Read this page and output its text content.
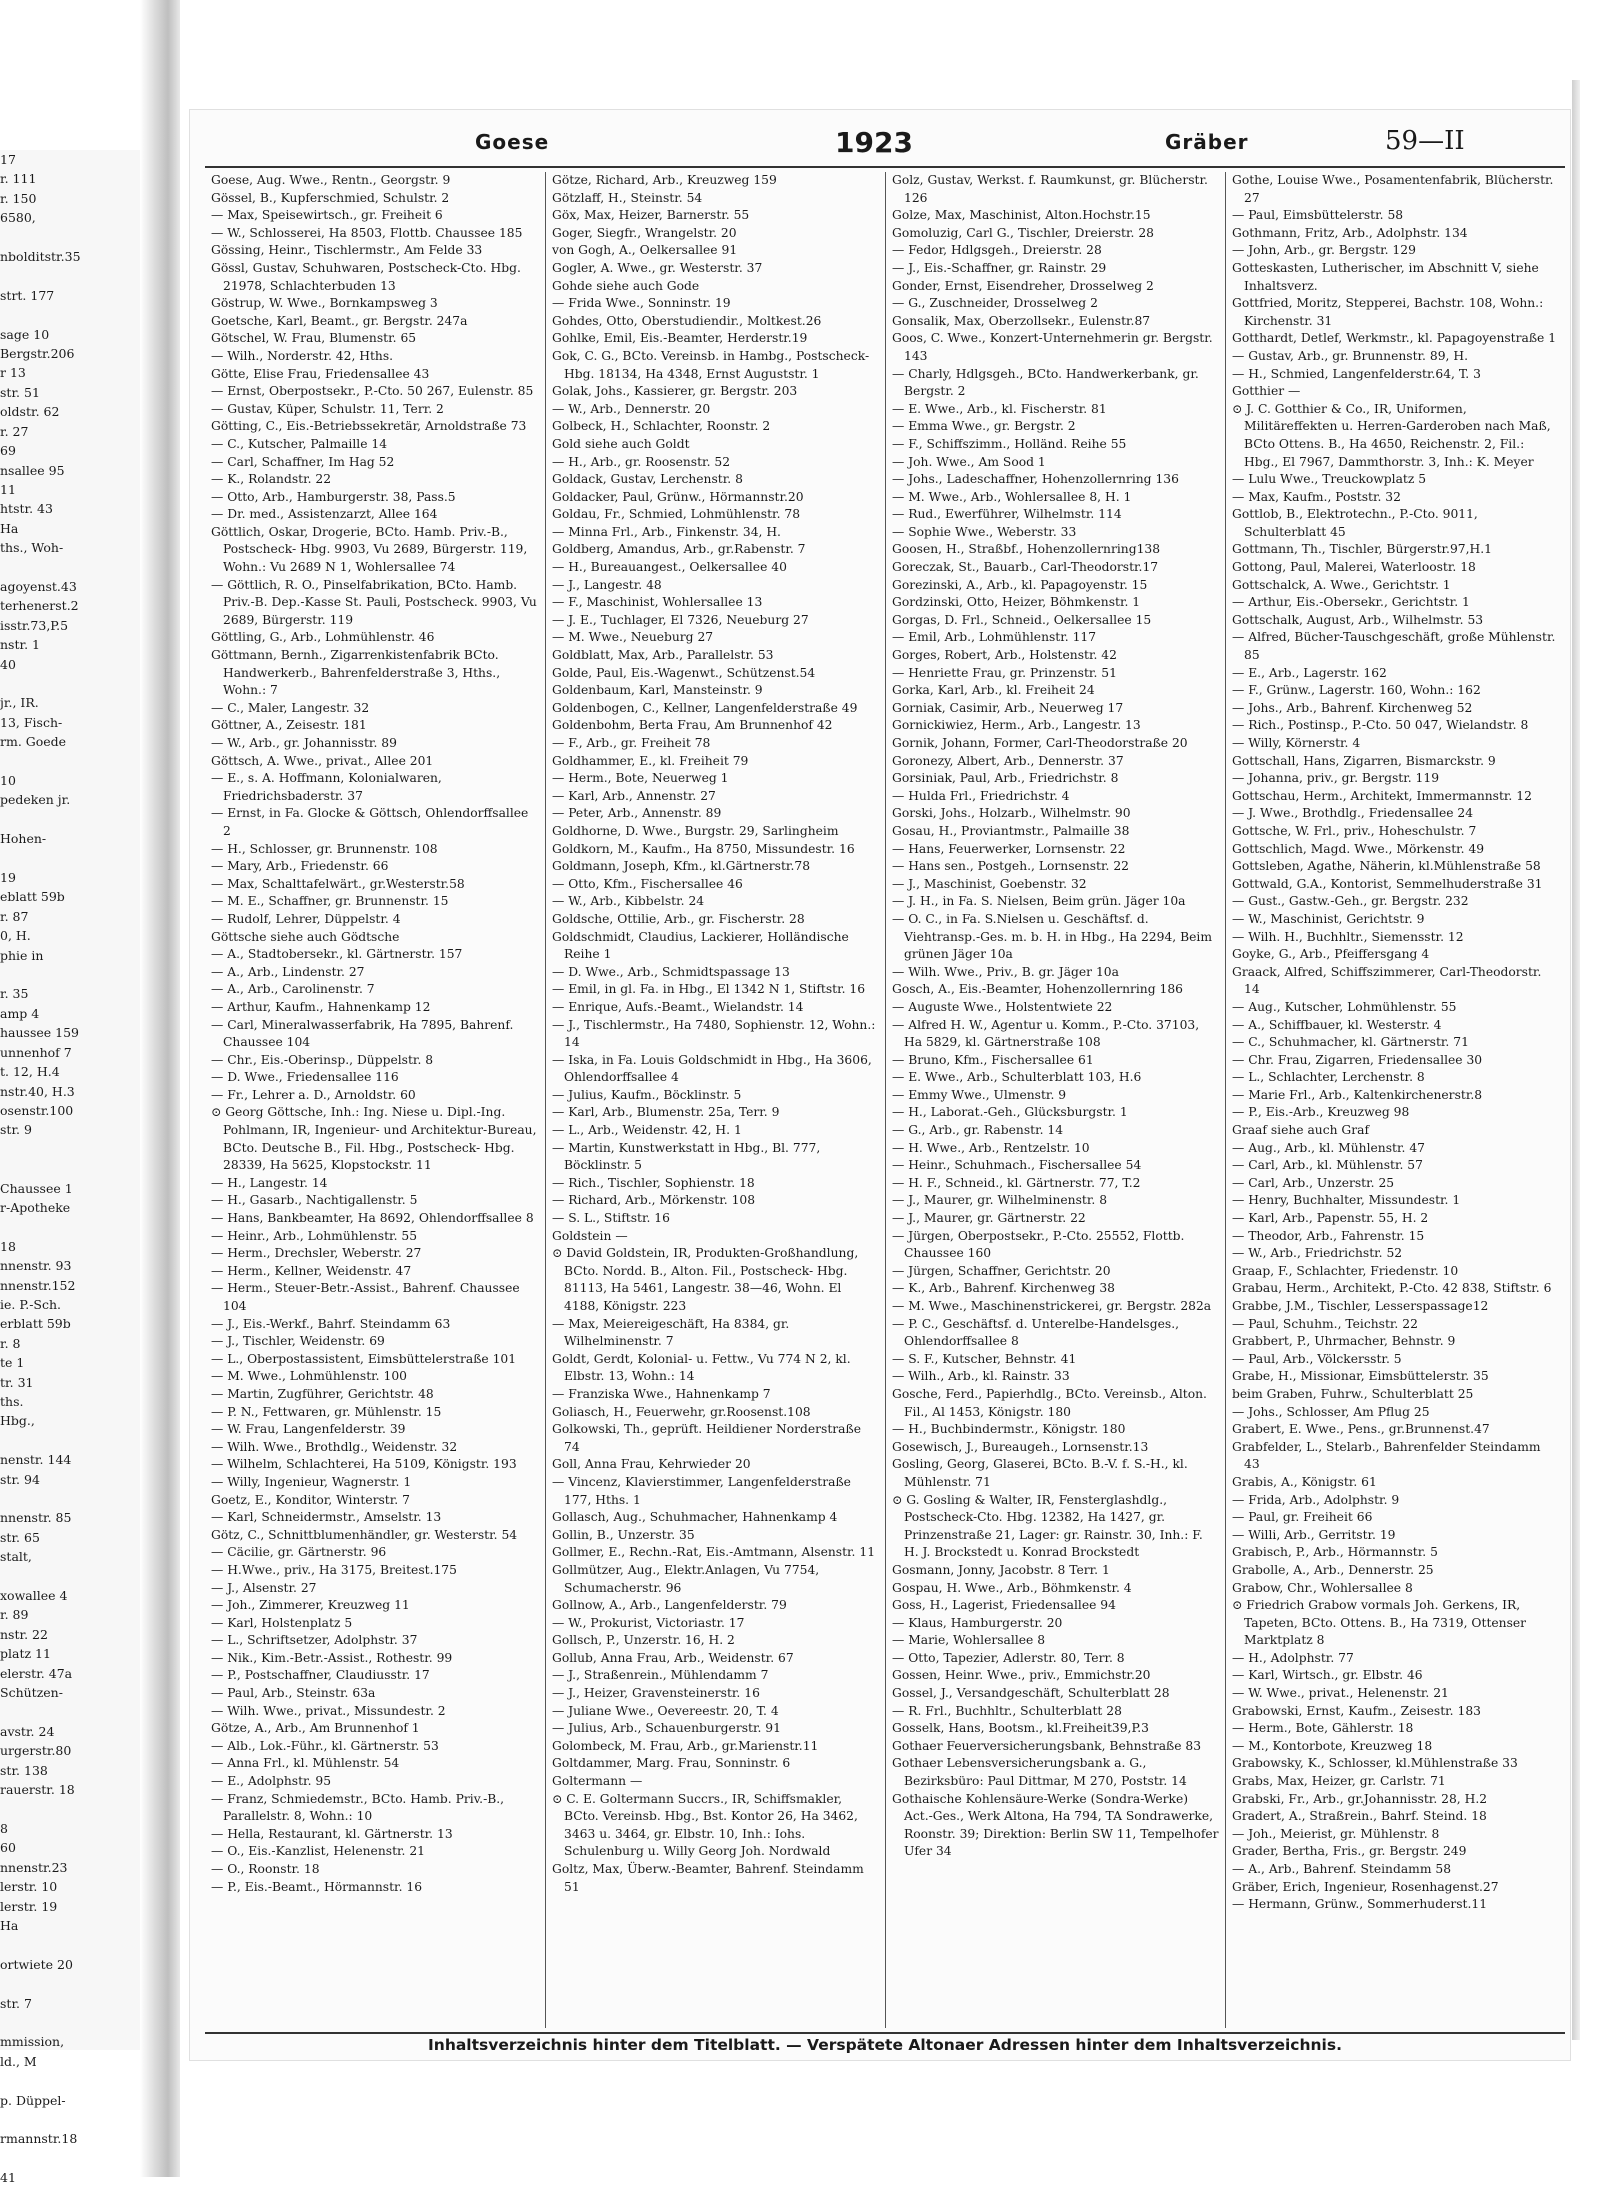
17
r. 111
r. 150
6580,

nbolditstr.35

strt. 177

sage 10
Bergstr.206
r 13
str. 51
oldstr. 62
r. 27
69
nsallee 95
11
htstr. 43
Ha
ths., Woh-

agoyenst.43
terhenerst.2
isstr.73,P.5
nstr. 1
40

jr., IR.
13, Fisch-
rm. Goede

10
pedeken jr.

Hohen-

19
eblatt 59b
r. 87
0, H.
phie in

r. 35
amp 4
haussee 159
unnenhof 7
t. 12, H.4
nstr.40, H.3
osenstr.100
str. 9

Chaussee 1
r-Apotheke

18
nnenstr. 93
nnenstr.152
ie. P.-Sch.
erblatt 59b
r. 8
te 1
tr. 31
ths.
Hbg.,

nenstr. 144
str. 94

nnenstr. 85
str. 65
stalt,

xowallee 4
r. 89
nstr. 22
platz 11
elerstr. 47a
Schützen-

avstr. 24
urgerstr.80
str. 138
rauerstr. 18

8
60
nnenstr.23
lerstr. 10
lerstr. 19
Ha

ortwiete 20

str. 7

mmission,
ld., M

p. Düppel-

rmannstr.18

41
Goese	1923	Gräber	59—II

Goese, Aug. Wwe., Rentn., Georgstr. 9

Gössel, B., Kupferschmied, Schulstr. 2

— Max, Speisewirtsch., gr. Freiheit 6

— W., Schlosserei, Ha 8503, Flottb. Chaussee 185

Gössing, Heinr., Tischlermstr., Am Felde 33

Gössl, Gustav, Schuhwaren, Postscheck-Cto. Hbg. 21978, Schlachterbuden 13

Göstrup, W. Wwe., Bornkampsweg 3

Goetsche, Karl, Beamt., gr. Bergstr. 247a

Götschel, W. Frau, Blumenstr. 65

— Wilh., Norderstr. 42, Hths.

Götte, Elise Frau, Friedensallee 43

— Ernst, Oberpostsekr., P.-Cto. 50 267, Eulenstr. 85

— Gustav, Küper, Schulstr. 11, Terr. 2

Götting, C., Eis.-Betriebssekretär, Arnoldstraße 73

— C., Kutscher, Palmaille 14

— Carl, Schaffner, Im Hag 52

— K., Rolandstr. 22

— Otto, Arb., Hamburgerstr. 38, Pass.5

— Dr. med., Assistenzarzt, Allee 164

Göttlich, Oskar, Drogerie, BCto. Hamb. Priv.-B., Postscheck- Hbg. 9903, Vu 2689, Bürgerstr. 119, Wohn.: Vu 2689 N 1, Wohlersallee 74

— Göttlich, R. O., Pinselfabrikation, BCto. Hamb. Priv.-B. Dep.-Kasse St. Pauli, Postscheck. 9903, Vu 2689, Bürgerstr. 119

Göttling, G., Arb., Lohmühlenstr. 46

Göttmann, Bernh., Zigarrenkistenfabrik BCto. Handwerkerb., Bahrenfelderstraße 3, Hths., Wohn.: 7

— C., Maler, Langestr. 32

Göttner, A., Zeisestr. 181

— W., Arb., gr. Johannisstr. 89

Göttsch, A. Wwe., privat., Allee 201

— E., s. A. Hoffmann, Kolonialwaren, Friedrichsbaderstr. 37

— Ernst, in Fa. Glocke & Göttsch, Ohlendorffsallee 2

— H., Schlosser, gr. Brunnenstr. 108

— Mary, Arb., Friedenstr. 66

— Max, Schalttafelwärt., gr.Westerstr.58

— M. E., Schaffner, gr. Brunnenstr. 15

— Rudolf, Lehrer, Düppelstr. 4

Göttsche siehe auch Gödtsche

— A., Stadtobersekr., kl. Gärtnerstr. 157

— A., Arb., Lindenstr. 27

— A., Arb., Carolinenstr. 7

— Arthur, Kaufm., Hahnenkamp 12

— Carl, Mineralwasserfabrik, Ha 7895, Bahrenf. Chaussee 104

— Chr., Eis.-Oberinsp., Düppelstr. 8

— D. Wwe., Friedensallee 116

— Fr., Lehrer a. D., Arnoldstr. 60

⊙ Georg Göttsche, Inh.: Ing. Niese u. Dipl.-Ing. Pohlmann, IR, Ingenieur- und Architektur-Bureau, BCto. Deutsche B., Fil. Hbg., Postscheck- Hbg. 28339, Ha 5625, Klopstockstr. 11

— H., Langestr. 14

— H., Gasarb., Nachtigallenstr. 5

— Hans, Bankbeamter, Ha 8692, Ohlendorffsallee 8

— Heinr., Arb., Lohmühlenstr. 55

— Herm., Drechsler, Weberstr. 27

— Herm., Kellner, Weidenstr. 47

— Herm., Steuer-Betr.-Assist., Bahrenf. Chaussee 104

— J., Eis.-Werkf., Bahrf. Steindamm 63

— J., Tischler, Weidenstr. 69

— L., Oberpostassistent, Eimsbüttelerstraße 101

— M. Wwe., Lohmühlenstr. 100

— Martin, Zugführer, Gerichtstr. 48

— P. N., Fettwaren, gr. Mühlenstr. 15

— W. Frau, Langenfelderstr. 39

— Wilh. Wwe., Brothdlg., Weidenstr. 32

— Wilhelm, Schlachterei, Ha 5109, Königstr. 193

— Willy, Ingenieur, Wagnerstr. 1

Goetz, E., Konditor, Winterstr. 7

— Karl, Schneidermstr., Amselstr. 13

Götz, C., Schnittblumenhändler, gr. Westerstr. 54

— Cäcilie, gr. Gärtnerstr. 96

— H.Wwe., priv., Ha 3175, Breitest.175

— J., Alsenstr. 27

— Joh., Zimmerer, Kreuzweg 11

— Karl, Holstenplatz 5

— L., Schriftsetzer, Adolphstr. 37

— Nik., Kim.-Betr.-Assist., Rothestr. 99

— P., Postschaffner, Claudiusstr. 17

— Paul, Arb., Steinstr. 63a

— Wilh. Wwe., privat., Missundestr. 2

Götze, A., Arb., Am Brunnenhof 1

— Alb., Lok.-Führ., kl. Gärtnerstr. 53

— Anna Frl., kl. Mühlenstr. 54

— E., Adolphstr. 95

— Franz, Schmiedemstr., BCto. Hamb. Priv.-B., Parallelstr. 8, Wohn.: 10

— Hella, Restaurant, kl. Gärtnerstr. 13

— O., Eis.-Kanzlist, Helenenstr. 21

— O., Roonstr. 18

— P., Eis.-Beamt., Hörmannstr. 16

Götze, Richard, Arb., Kreuzweg 159

Götzlaff, H., Steinstr. 54

Göx, Max, Heizer, Barnerstr. 55

Goger, Siegfr., Wrangelstr. 20

von Gogh, A., Oelkersallee 91

Gogler, A. Wwe., gr. Westerstr. 37

Gohde siehe auch Gode

— Frida Wwe., Sonninstr. 19

Gohdes, Otto, Oberstudiendir., Moltkest.26

Gohlke, Emil, Eis.-Beamter, Herderstr.19

Gok, C. G., BCto. Vereinsb. in Hambg., Postscheck- Hbg. 18134, Ha 4348, Ernst Auguststr. 1

Golak, Johs., Kassierer, gr. Bergstr. 203

— W., Arb., Dennerstr. 20

Golbeck, H., Schlachter, Roonstr. 2

Gold siehe auch Goldt

— H., Arb., gr. Roosenstr. 52

Goldack, Gustav, Lerchenstr. 8

Goldacker, Paul, Grünw., Hörmannstr.20

Goldau, Fr., Schmied, Lohmühlenstr. 78

— Minna Frl., Arb., Finkenstr. 34, H.

Goldberg, Amandus, Arb., gr.Rabenstr. 7

— H., Bureauangest., Oelkersallee 40

— J., Langestr. 48

— F., Maschinist, Wohlersallee 13

— J. E., Tuchlager, El 7326, Neueburg 27

— M. Wwe., Neueburg 27

Goldblatt, Max, Arb., Parallelstr. 53

Golde, Paul, Eis.-Wagenwt., Schützenst.54

Goldenbaum, Karl, Mansteinstr. 9

Goldenbogen, C., Kellner, Langenfelderstraße 49

Goldenbohm, Berta Frau, Am Brunnenhof 42

— F., Arb., gr. Freiheit 78

Goldhammer, E., kl. Freiheit 79

— Herm., Bote, Neuerweg 1

— Karl, Arb., Annenstr. 27

— Peter, Arb., Annenstr. 89

Goldhorne, D. Wwe., Burgstr. 29, Sarlingheim

Goldkorn, M., Kaufm., Ha 8750, Missundestr. 16

Goldmann, Joseph, Kfm., kl.Gärtnerstr.78

— Otto, Kfm., Fischersallee 46

— W., Arb., Kibbelstr. 24

Goldsche, Ottilie, Arb., gr. Fischerstr. 28

Goldschmidt, Claudius, Lackierer, Holländische Reihe 1

— D. Wwe., Arb., Schmidtspassage 13

— Emil, in gl. Fa. in Hbg., El 1342 N 1, Stiftstr. 16

— Enrique, Aufs.-Beamt., Wielandstr. 14

— J., Tischlermstr., Ha 7480, Sophienstr. 12, Wohn.: 14

— Iska, in Fa. Louis Goldschmidt in Hbg., Ha 3606, Ohlendorffsallee 4

— Julius, Kaufm., Böcklinstr. 5

— Karl, Arb., Blumenstr. 25a, Terr. 9

— L., Arb., Weidenstr. 42, H. 1

— Martin, Kunstwerkstatt in Hbg., Bl. 777, Böcklinstr. 5

— Rich., Tischler, Sophienstr. 18

— Richard, Arb., Mörkenstr. 108

— S. L., Stiftstr. 16

Goldstein —

⊙ David Goldstein, IR, Produkten-Großhandlung, BCto. Nordd. B., Alton. Fil., Postscheck- Hbg. 81113, Ha 5461, Langestr. 38—46, Wohn. El 4188, Königstr. 223

— Max, Meiereigeschäft, Ha 8384, gr. Wilhelminenstr. 7

Goldt, Gerdt, Kolonial- u. Fettw., Vu 774 N 2, kl. Elbstr. 13, Wohn.: 14

— Franziska Wwe., Hahnenkamp 7

Goliasch, H., Feuerwehr, gr.Roosenst.108

Golkowski, Th., geprüft. Heildiener Norderstraße 74

Goll, Anna Frau, Kehrwieder 20

— Vincenz, Klavierstimmer, Langenfelderstraße 177, Hths. 1

Gollasch, Aug., Schuhmacher, Hahnenkamp 4

Gollin, B., Unzerstr. 35

Gollmer, E., Rechn.-Rat, Eis.-Amtmann, Alsenstr. 11

Gollmützer, Aug., Elektr.Anlagen, Vu 7754, Schumacherstr. 96

Gollnow, A., Arb., Langenfelderstr. 79

— W., Prokurist, Victoriastr. 17

Gollsch, P., Unzerstr. 16, H. 2

Gollub, Anna Frau, Arb., Weidenstr. 67

— J., Straßenrein., Mühlendamm 7

— J., Heizer, Gravensteinerstr. 16

— Juliane Wwe., Oevereestr. 20, T. 4

— Julius, Arb., Schauenburgerstr. 91

Golombeck, M. Frau, Arb., gr.Marienstr.11

Goltdammer, Marg. Frau, Sonninstr. 6

Goltermann —

⊙ C. E. Goltermann Succrs., IR, Schiffsmakler, BCto. Vereinsb. Hbg., Bst. Kontor 26, Ha 3462, 3463 u. 3464, gr. Elbstr. 10, Inh.: Iohs. Schulenburg u. Willy Georg Joh. Nordwald

Goltz, Max, Überw.-Beamter, Bahrenf. Steindamm 51

Golz, Gustav, Werkst. f. Raumkunst, gr. Blücherstr. 126

Golze, Max, Maschinist, Alton.Hochstr.15

Gomoluzig, Carl G., Tischler, Dreierstr. 28

— Fedor, Hdlgsgeh., Dreierstr. 28

— J., Eis.-Schaffner, gr. Rainstr. 29

Gonder, Ernst, Eisendreher, Drosselweg 2

— G., Zuschneider, Drosselweg 2

Gonsalik, Max, Oberzollsekr., Eulenstr.87

Goos, C. Wwe., Konzert-Unternehmerin gr. Bergstr. 143

— Charly, Hdlgsgeh., BCto. Handwerkerbank, gr. Bergstr. 2

— E. Wwe., Arb., kl. Fischerstr. 81

— Emma Wwe., gr. Bergstr. 2

— F., Schiffszimm., Holländ. Reihe 55

— Joh. Wwe., Am Sood 1

— Johs., Ladeschaffner, Hohenzollernring 136

— M. Wwe., Arb., Wohlersallee 8, H. 1

— Rud., Ewerführer, Wilhelmstr. 114

— Sophie Wwe., Weberstr. 33

Goosen, H., Straßbf., Hohenzollernring138

Goreczak, St., Bauarb., Carl-Theodorstr.17

Gorezinski, A., Arb., kl. Papagoyenstr. 15

Gordzinski, Otto, Heizer, Böhmkenstr. 1

Gorgas, D. Frl., Schneid., Oelkersallee 15

— Emil, Arb., Lohmühlenstr. 117

Gorges, Robert, Arb., Holstenstr. 42

— Henriette Frau, gr. Prinzenstr. 51

Gorka, Karl, Arb., kl. Freiheit 24

Gorniak, Casimir, Arb., Neuerweg 17

Gornickiwiez, Herm., Arb., Langestr. 13

Gornik, Johann, Former, Carl-Theodorstraße 20

Goronezy, Albert, Arb., Dennerstr. 37

Gorsiniak, Paul, Arb., Friedrichstr. 8

— Hulda Frl., Friedrichstr. 4

Gorski, Johs., Holzarb., Wilhelmstr. 90

Gosau, H., Proviantmstr., Palmaille 38

— Hans, Feuerwerker, Lornsenstr. 22

— Hans sen., Postgeh., Lornsenstr. 22

— J., Maschinist, Goebenstr. 32

— J. H., in Fa. S. Nielsen, Beim grün. Jäger 10a

— O. C., in Fa. S.Nielsen u. Geschäftsf. d. Viehtransp.-Ges. m. b. H. in Hbg., Ha 2294, Beim grünen Jäger 10a

— Wilh. Wwe., Priv., B. gr. Jäger 10a

Gosch, A., Eis.-Beamter, Hohenzollernring 186

— Auguste Wwe., Holstentwiete 22

— Alfred H. W., Agentur u. Komm., P.-Cto. 37103, Ha 5829, kl. Gärtnerstraße 108

— Bruno, Kfm., Fischersallee 61

— E. Wwe., Arb., Schulterblatt 103, H.6

— Emmy Wwe., Ulmenstr. 9

— H., Laborat.-Geh., Glücksburgstr. 1

— G., Arb., gr. Rabenstr. 14

— H. Wwe., Arb., Rentzelstr. 10

— Heinr., Schuhmach., Fischersallee 54

— H. F., Schneid., kl. Gärtnerstr. 77, T.2

— J., Maurer, gr. Wilhelminenstr. 8

— J., Maurer, gr. Gärtnerstr. 22

— Jürgen, Oberpostsekr., P.-Cto. 25552, Flottb. Chaussee 160

— Jürgen, Schaffner, Gerichtstr. 20

— K., Arb., Bahrenf. Kirchenweg 38

— M. Wwe., Maschinenstrickerei, gr. Bergstr. 282a

— P. C., Geschäftsf. d. Unterelbe-Handelsges., Ohlendorffsallee 8

— S. F., Kutscher, Behnstr. 41

— Wilh., Arb., kl. Rainstr. 33

Gosche, Ferd., Papierhdlg., BCto. Vereinsb., Alton. Fil., Al 1453, Königstr. 180

— H., Buchbindermstr., Königstr. 180

Gosewisch, J., Bureaugeh., Lornsenstr.13

Gosling, Georg, Glaserei, BCto. B.-V. f. S.-H., kl. Mühlenstr. 71

⊙ G. Gosling & Walter, IR, Fensterglashdlg., Postscheck-Cto. Hbg. 12382, Ha 1427, gr. Prinzenstraße 21, Lager: gr. Rainstr. 30, Inh.: F. H. J. Brockstedt u. Konrad Brockstedt

Gosmann, Jonny, Jacobstr. 8 Terr. 1

Gospau, H. Wwe., Arb., Böhmkenstr. 4

Goss, H., Lagerist, Friedensallee 94

— Klaus, Hamburgerstr. 20

— Marie, Wohlersallee 8

— Otto, Tapezier, Adlerstr. 80, Terr. 8

Gossen, Heinr. Wwe., priv., Emmichstr.20

Gossel, J., Versandgeschäft, Schulterblatt 28

— R. Frl., Buchhltr., Schulterblatt 28

Gosselk, Hans, Bootsm., kl.Freiheit39,P.3

Gothaer Feuerversicherungsbank, Behnstraße 83

Gothaer Lebensversicherungsbank a. G., Bezirksbüro: Paul Dittmar, M 270, Poststr. 14

Gothaische Kohlensäure-Werke (Sondra-Werke) Act.-Ges., Werk Altona, Ha 794, TA Sondrawerke, Roonstr. 39; Direktion: Berlin SW 11, Tempelhofer Ufer 34

Gothe, Louise Wwe., Posamentenfabrik, Blücherstr. 27

— Paul, Eimsbüttelerstr. 58

Gothmann, Fritz, Arb., Adolphstr. 134

— John, Arb., gr. Bergstr. 129

Gotteskasten, Lutherischer, im Abschnitt V, siehe Inhaltsverz.

Gottfried, Moritz, Stepperei, Bachstr. 108, Wohn.: Kirchenstr. 31

Gotthardt, Detlef, Werkmstr., kl. Papagoyenstraße 1

— Gustav, Arb., gr. Brunnenstr. 89, H.

— H., Schmied, Langenfelderstr.64, T. 3

Gotthier —

⊙ J. C. Gotthier & Co., IR, Uniformen, Militäreffekten u. Herren-Garderoben nach Maß, BCto Ottens. B., Ha 4650, Reichenstr. 2, Fil.: Hbg., El 7967, Dammthorstr. 3, Inh.: K. Meyer

— Lulu Wwe., Treuckowplatz 5

— Max, Kaufm., Poststr. 32

Gottlob, B., Elektrotechn., P.-Cto. 9011, Schulterblatt 45

Gottmann, Th., Tischler, Bürgerstr.97,H.1

Gottong, Paul, Malerei, Waterloostr. 18

Gottschalck, A. Wwe., Gerichtstr. 1

— Arthur, Eis.-Obersekr., Gerichtstr. 1

Gottschalk, August, Arb., Wilhelmstr. 53

— Alfred, Bücher-Tauschgeschäft, große Mühlenstr. 85

— E., Arb., Lagerstr. 162

— F., Grünw., Lagerstr. 160, Wohn.: 162

— Johs., Arb., Bahrenf. Kirchenweg 52

— Rich., Postinsp., P.-Cto. 50 047, Wielandstr. 8

— Willy, Körnerstr. 4

Gottschall, Hans, Zigarren, Bismarckstr. 9

— Johanna, priv., gr. Bergstr. 119

Gottschau, Herm., Architekt, Immermannstr. 12

— J. Wwe., Brothdlg., Friedensallee 24

Gottsche, W. Frl., priv., Hoheschulstr. 7

Gottschlich, Magd. Wwe., Mörkenstr. 49

Gottsleben, Agathe, Näherin, kl.Mühlenstraße 58

Gottwald, G.A., Kontorist, Semmelhuderstraße 31

— Gust., Gastw.-Geh., gr. Bergstr. 232

— W., Maschinist, Gerichtstr. 9

— Wilh. H., Buchhltr., Siemensstr. 12

Goyke, G., Arb., Pfeiffersgang 4

Graack, Alfred, Schiffszimmerer, Carl-Theodorstr. 14

— Aug., Kutscher, Lohmühlenstr. 55

— A., Schiffbauer, kl. Westerstr. 4

— C., Schuhmacher, kl. Gärtnerstr. 71

— Chr. Frau, Zigarren, Friedensallee 30

— L., Schlachter, Lerchenstr. 8

— Marie Frl., Arb., Kaltenkirchenerstr.8

— P., Eis.-Arb., Kreuzweg 98

Graaf siehe auch Graf

— Aug., Arb., kl. Mühlenstr. 47

— Carl, Arb., kl. Mühlenstr. 57

— Carl, Arb., Unzerstr. 25

— Henry, Buchhalter, Missundestr. 1

— Karl, Arb., Papenstr. 55, H. 2

— Theodor, Arb., Fahrenstr. 15

— W., Arb., Friedrichstr. 52

Graap, F., Schlachter, Friedenstr. 10

Grabau, Herm., Architekt, P.-Cto. 42 838, Stiftstr. 6

Grabbe, J.M., Tischler, Lesserspassage12

— Paul, Schuhm., Teichstr. 22

Grabbert, P., Uhrmacher, Behnstr. 9

— Paul, Arb., Völckersstr. 5

Grabe, H., Missionar, Eimsbüttelerstr. 35

beim Graben, Fuhrw., Schulterblatt 25

— Johs., Schlosser, Am Pflug 25

Grabert, E. Wwe., Pens., gr.Brunnenst.47

Grabfelder, L., Stelarb., Bahrenfelder Steindamm 43

Grabis, A., Königstr. 61

— Frida, Arb., Adolphstr. 9

— Paul, gr. Freiheit 66

— Willi, Arb., Gerritstr. 19

Grabisch, P., Arb., Hörmannstr. 5

Grabolle, A., Arb., Dennerstr. 25

Grabow, Chr., Wohlersallee 8

⊙ Friedrich Grabow vormals Joh. Gerkens, IR, Tapeten, BCto. Ottens. B., Ha 7319, Ottenser Marktplatz 8

— H., Adolphstr. 77

— Karl, Wirtsch., gr. Elbstr. 46

— W. Wwe., privat., Helenenstr. 21

Grabowski, Ernst, Kaufm., Zeisestr. 183

— Herm., Bote, Gählerstr. 18

— M., Kontorbote, Kreuzweg 18

Grabowsky, K., Schlosser, kl.Mühlenstraße 33

Grabs, Max, Heizer, gr. Carlstr. 71

Grabski, Fr., Arb., gr.Johannisstr. 28, H.2

Gradert, A., Straßrein., Bahrf. Steind. 18

— Joh., Meierist, gr. Mühlenstr. 8

Grader, Bertha, Fris., gr. Bergstr. 249

— A., Arb., Bahrenf. Steindamm 58

Gräber, Erich, Ingenieur, Rosenhagenst.27

— Hermann, Grünw., Sommerhuderst.11

Inhaltsverzeichnis hinter dem Titelblatt. — Verspätete Altonaer Adressen hinter dem Inhaltsverzeichnis.
